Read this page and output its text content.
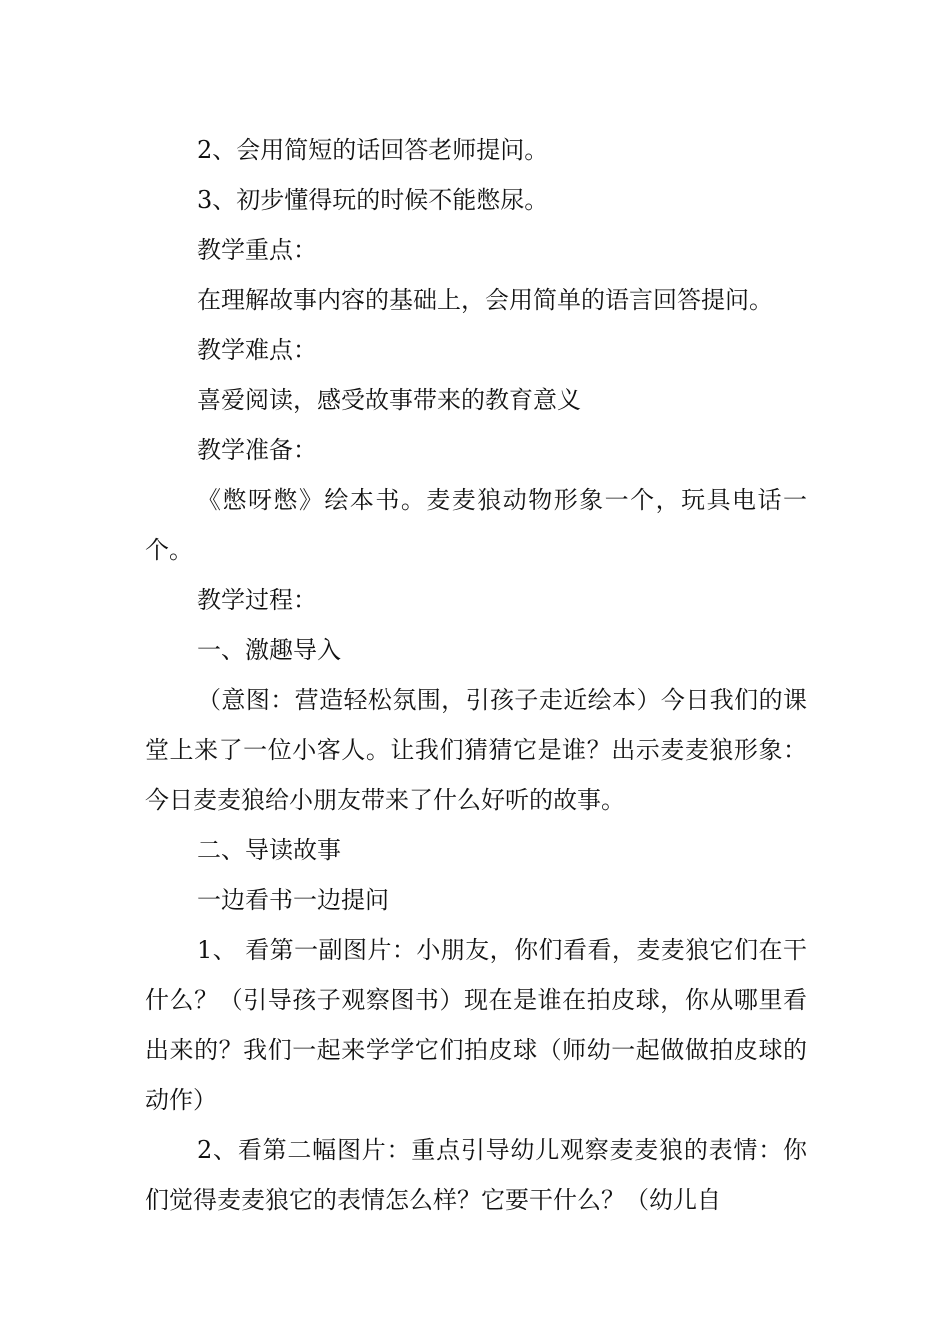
2、会用简短的话回答老师提问。

3、初步懂得玩的时候不能憋尿。

教学重点：

在理解故事内容的基础上，会用简单的语言回答提问。

教学难点：

喜爱阅读，感受故事带来的教育意义

教学准备：

《憋呀憋》绘本书。麦麦狼动物形象一个，玩具电话一个。

教学过程：

一、激趣导入

（意图：营造轻松氛围，引孩子走近绘本）今日我们的课堂上来了一位小客人。让我们猜猜它是谁？出示麦麦狼形象：今日麦麦狼给小朋友带来了什么好听的故事。

二、导读故事

一边看书一边提问

1、 看第一副图片：小朋友，你们看看，麦麦狼它们在干什么？（引导孩子观察图书）现在是谁在拍皮球，你从哪里看出来的？我们一起来学学它们拍皮球（师幼一起做做拍皮球的动作）

2、看第二幅图片：重点引导幼儿观察麦麦狼的表情：你们觉得麦麦狼它的表情怎么样？它要干什么？（幼儿自
